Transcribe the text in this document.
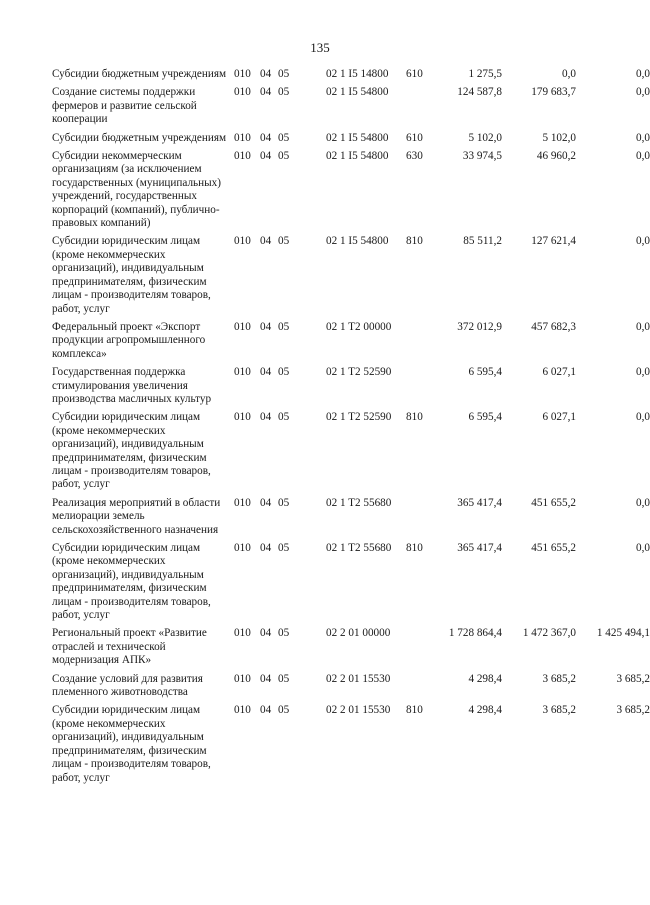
135
Субсидии бюджетным учреждениям	010	04	05	02 1 I5 14800	610	1 275,5	0,0	0,0
Создание системы поддержки фермеров и развитие сельской кооперации	010	04	05	02 1 I5 54800		124 587,8	179 683,7	0,0
Субсидии бюджетным учреждениям	010	04	05	02 1 I5 54800	610	5 102,0	5 102,0	0,0
Субсидии некоммерческим организациям (за исключением государственных (муниципальных) учреждений, государственных корпораций (компаний), публично-правовых компаний)	010	04	05	02 1 I5 54800	630	33 974,5	46 960,2	0,0
Субсидии юридическим лицам (кроме некоммерческих организаций), индивидуальным предпринимателям, физическим лицам - производителям товаров, работ, услуг	010	04	05	02 1 I5 54800	810	85 511,2	127 621,4	0,0
Федеральный проект «Экспорт продукции агропромышленного комплекса»	010	04	05	02 1 T2 00000		372 012,9	457 682,3	0,0
Государственная поддержка стимулирования увеличения производства масличных культур	010	04	05	02 1 T2 52590		6 595,4	6 027,1	0,0
Субсидии юридическим лицам (кроме некоммерческих организаций), индивидуальным предпринимателям, физическим лицам - производителям товаров, работ, услуг	010	04	05	02 1 T2 52590	810	6 595,4	6 027,1	0,0
Реализация мероприятий в области мелиорации земель сельскохозяйственного назначения	010	04	05	02 1 T2 55680		365 417,4	451 655,2	0,0
Субсидии юридическим лицам (кроме некоммерческих организаций), индивидуальным предпринимателям, физическим лицам - производителям товаров, работ, услуг	010	04	05	02 1 T2 55680	810	365 417,4	451 655,2	0,0
Региональный проект «Развитие отраслей и технической модернизация АПК»	010	04	05	02 2 01 00000		1 728 864,4	1 472 367,0	1 425 494,1
Создание условий для развития племенного животноводства	010	04	05	02 2 01 15530		4 298,4	3 685,2	3 685,2
Субсидии юридическим лицам (кроме некоммерческих организаций), индивидуальным предпринимателям, физическим лицам - производителям товаров, работ, услуг	010	04	05	02 2 01 15530	810	4 298,4	3 685,2	3 685,2
